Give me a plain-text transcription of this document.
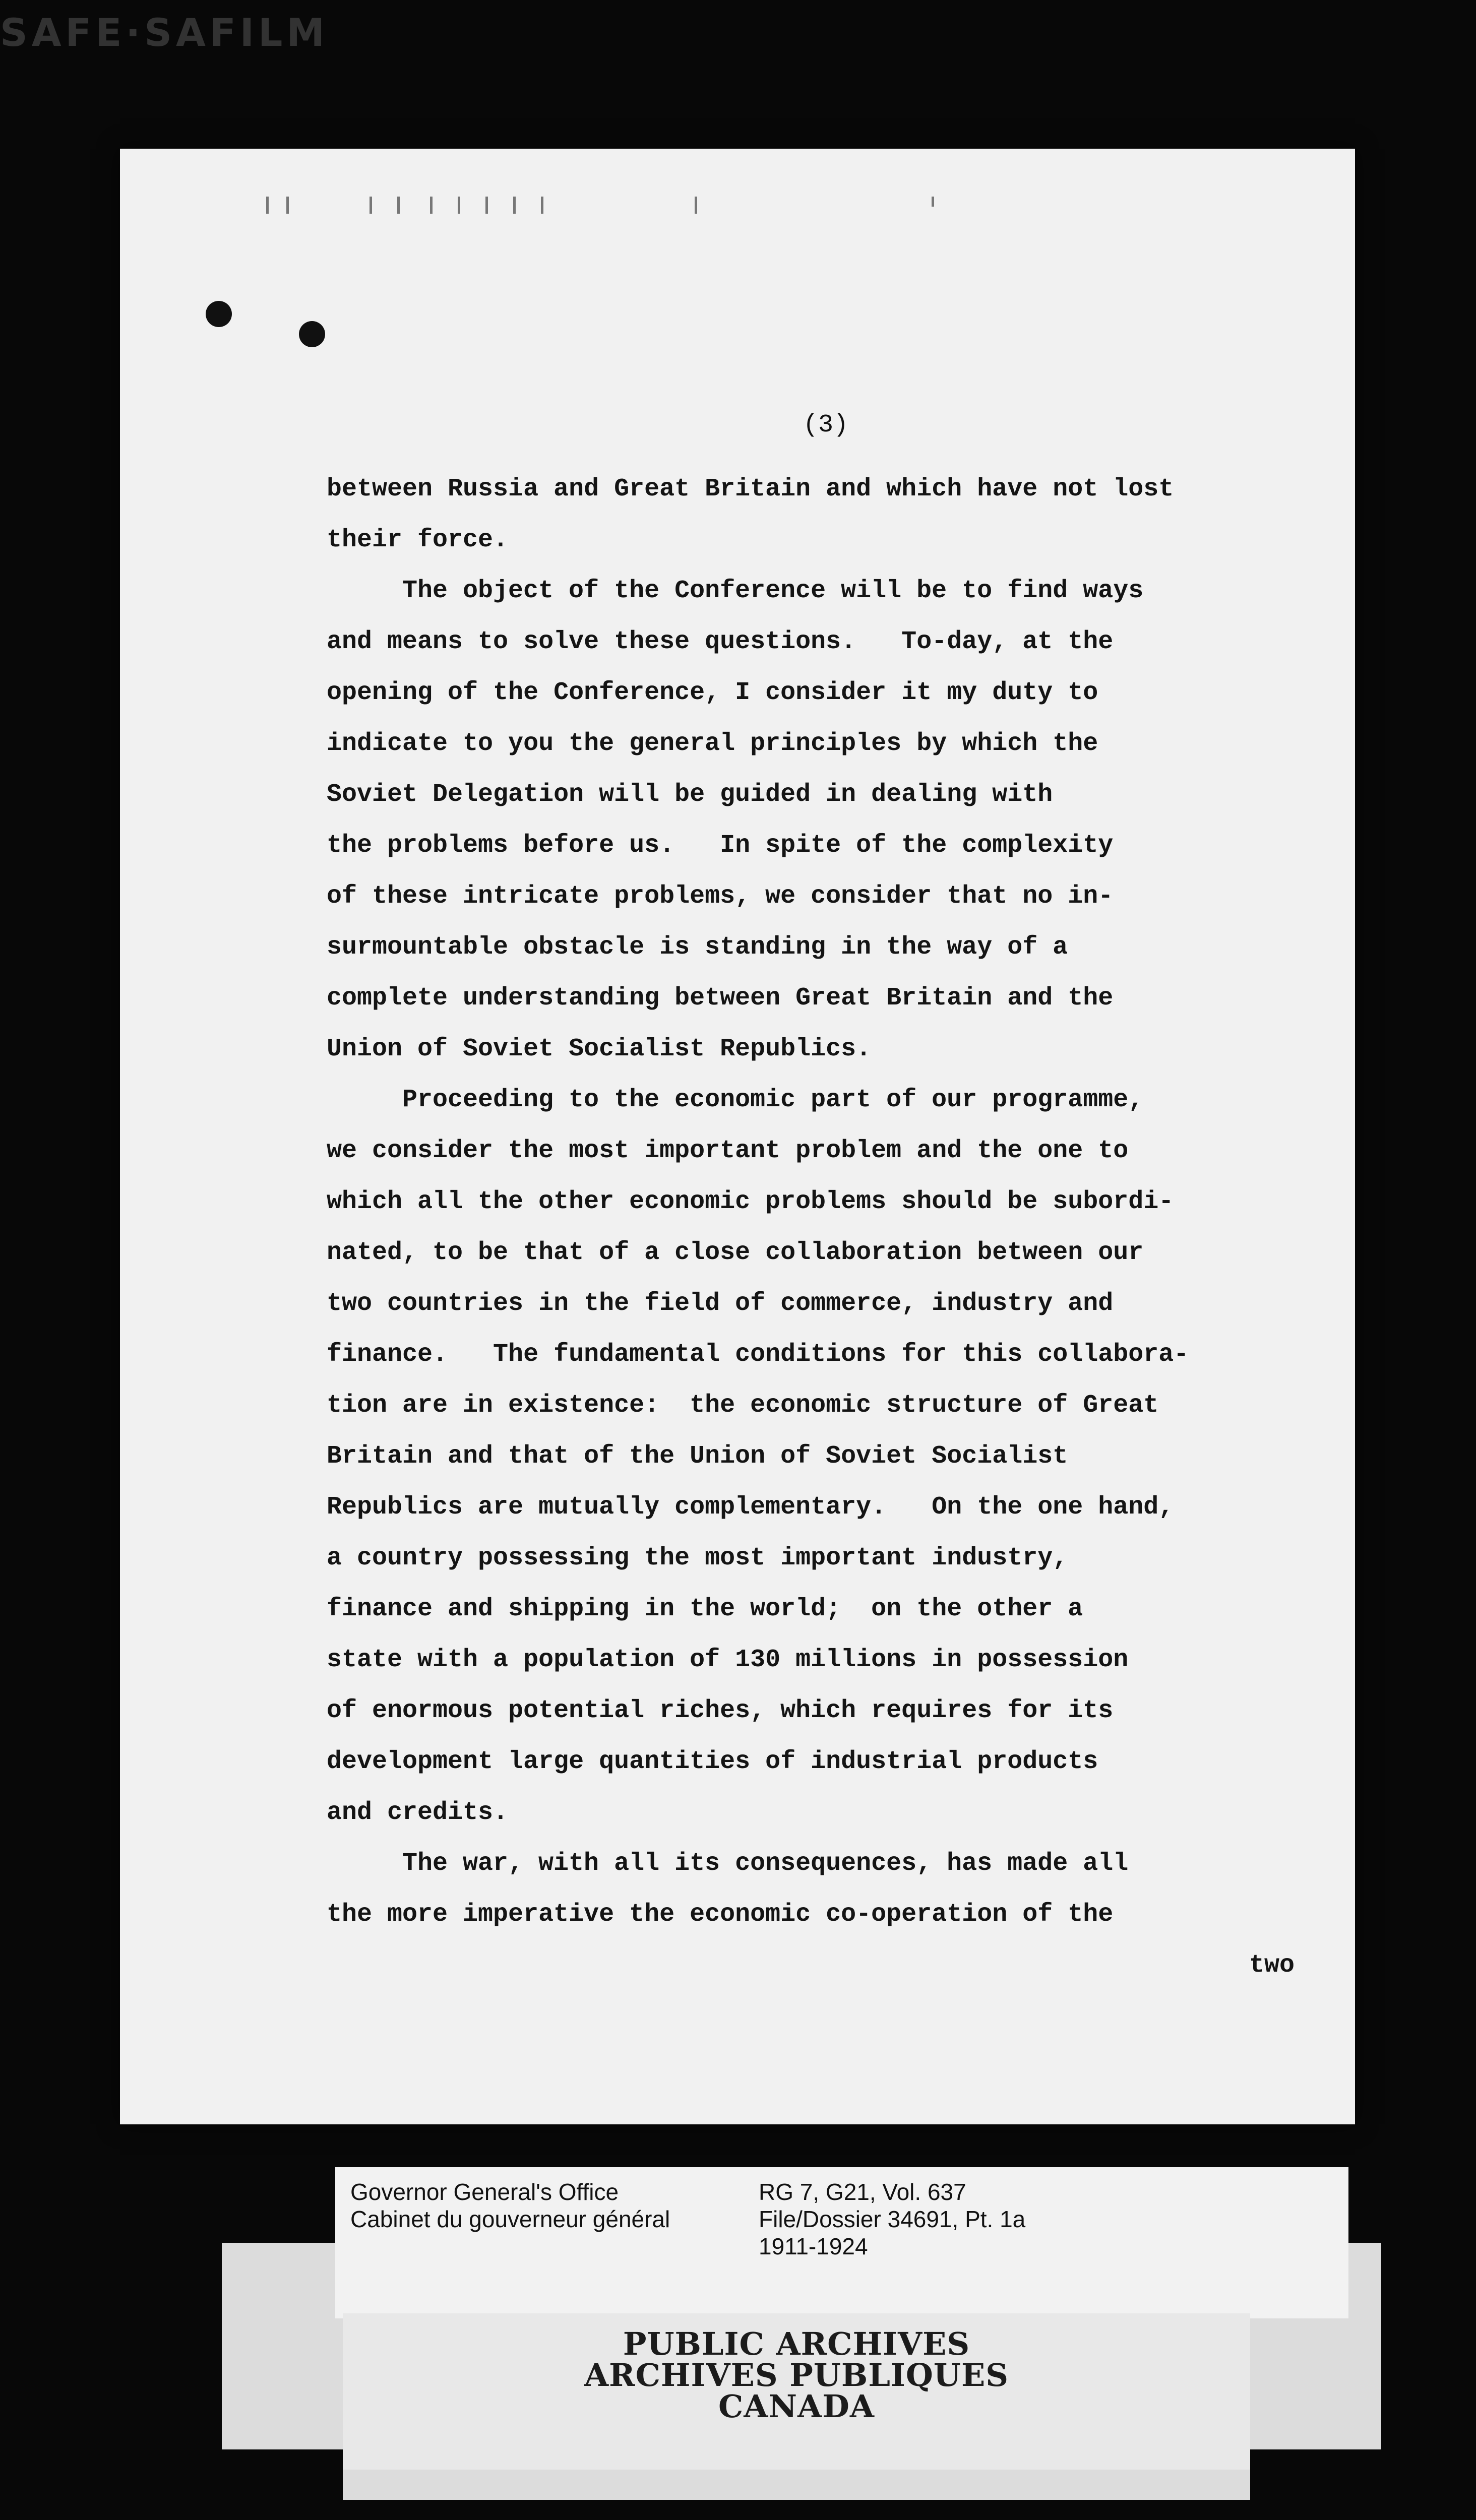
SAFE·SAFILM
(3)
between Russia and Great Britain and which have not lost
their force.
The object of the Conference will be to find ways
and means to solve these questions.   To-day, at the
opening of the Conference, I consider it my duty to
indicate to you the general principles by which the
Soviet Delegation will be guided in dealing with
the problems before us.   In spite of the complexity
of these intricate problems, we consider that no in-
surmountable obstacle is standing in the way of a
complete understanding between Great Britain and the
Union of Soviet Socialist Republics.
Proceeding to the economic part of our programme,
we consider the most important problem and the one to
which all the other economic problems should be subordi-
nated, to be that of a close collaboration between our
two countries in the field of commerce, industry and
finance.   The fundamental conditions for this collabora-
tion are in existence:  the economic structure of Great
Britain and that of the Union of Soviet Socialist
Republics are mutually complementary.   On the one hand,
a country possessing the most important industry,
finance and shipping in the world;  on the other a
state with a population of 130 millions in possession
of enormous potential riches, which requires for its
development large quantities of industrial products
and credits.
The war, with all its consequences, has made all
the more imperative the economic co-operation of the
two
Governor General's Office
Cabinet du gouverneur général
RG 7, G21, Vol. 637
File/Dossier 34691, Pt. 1a
1911-1924
PUBLIC ARCHIVES
ARCHIVES PUBLIQUES
CANADA
